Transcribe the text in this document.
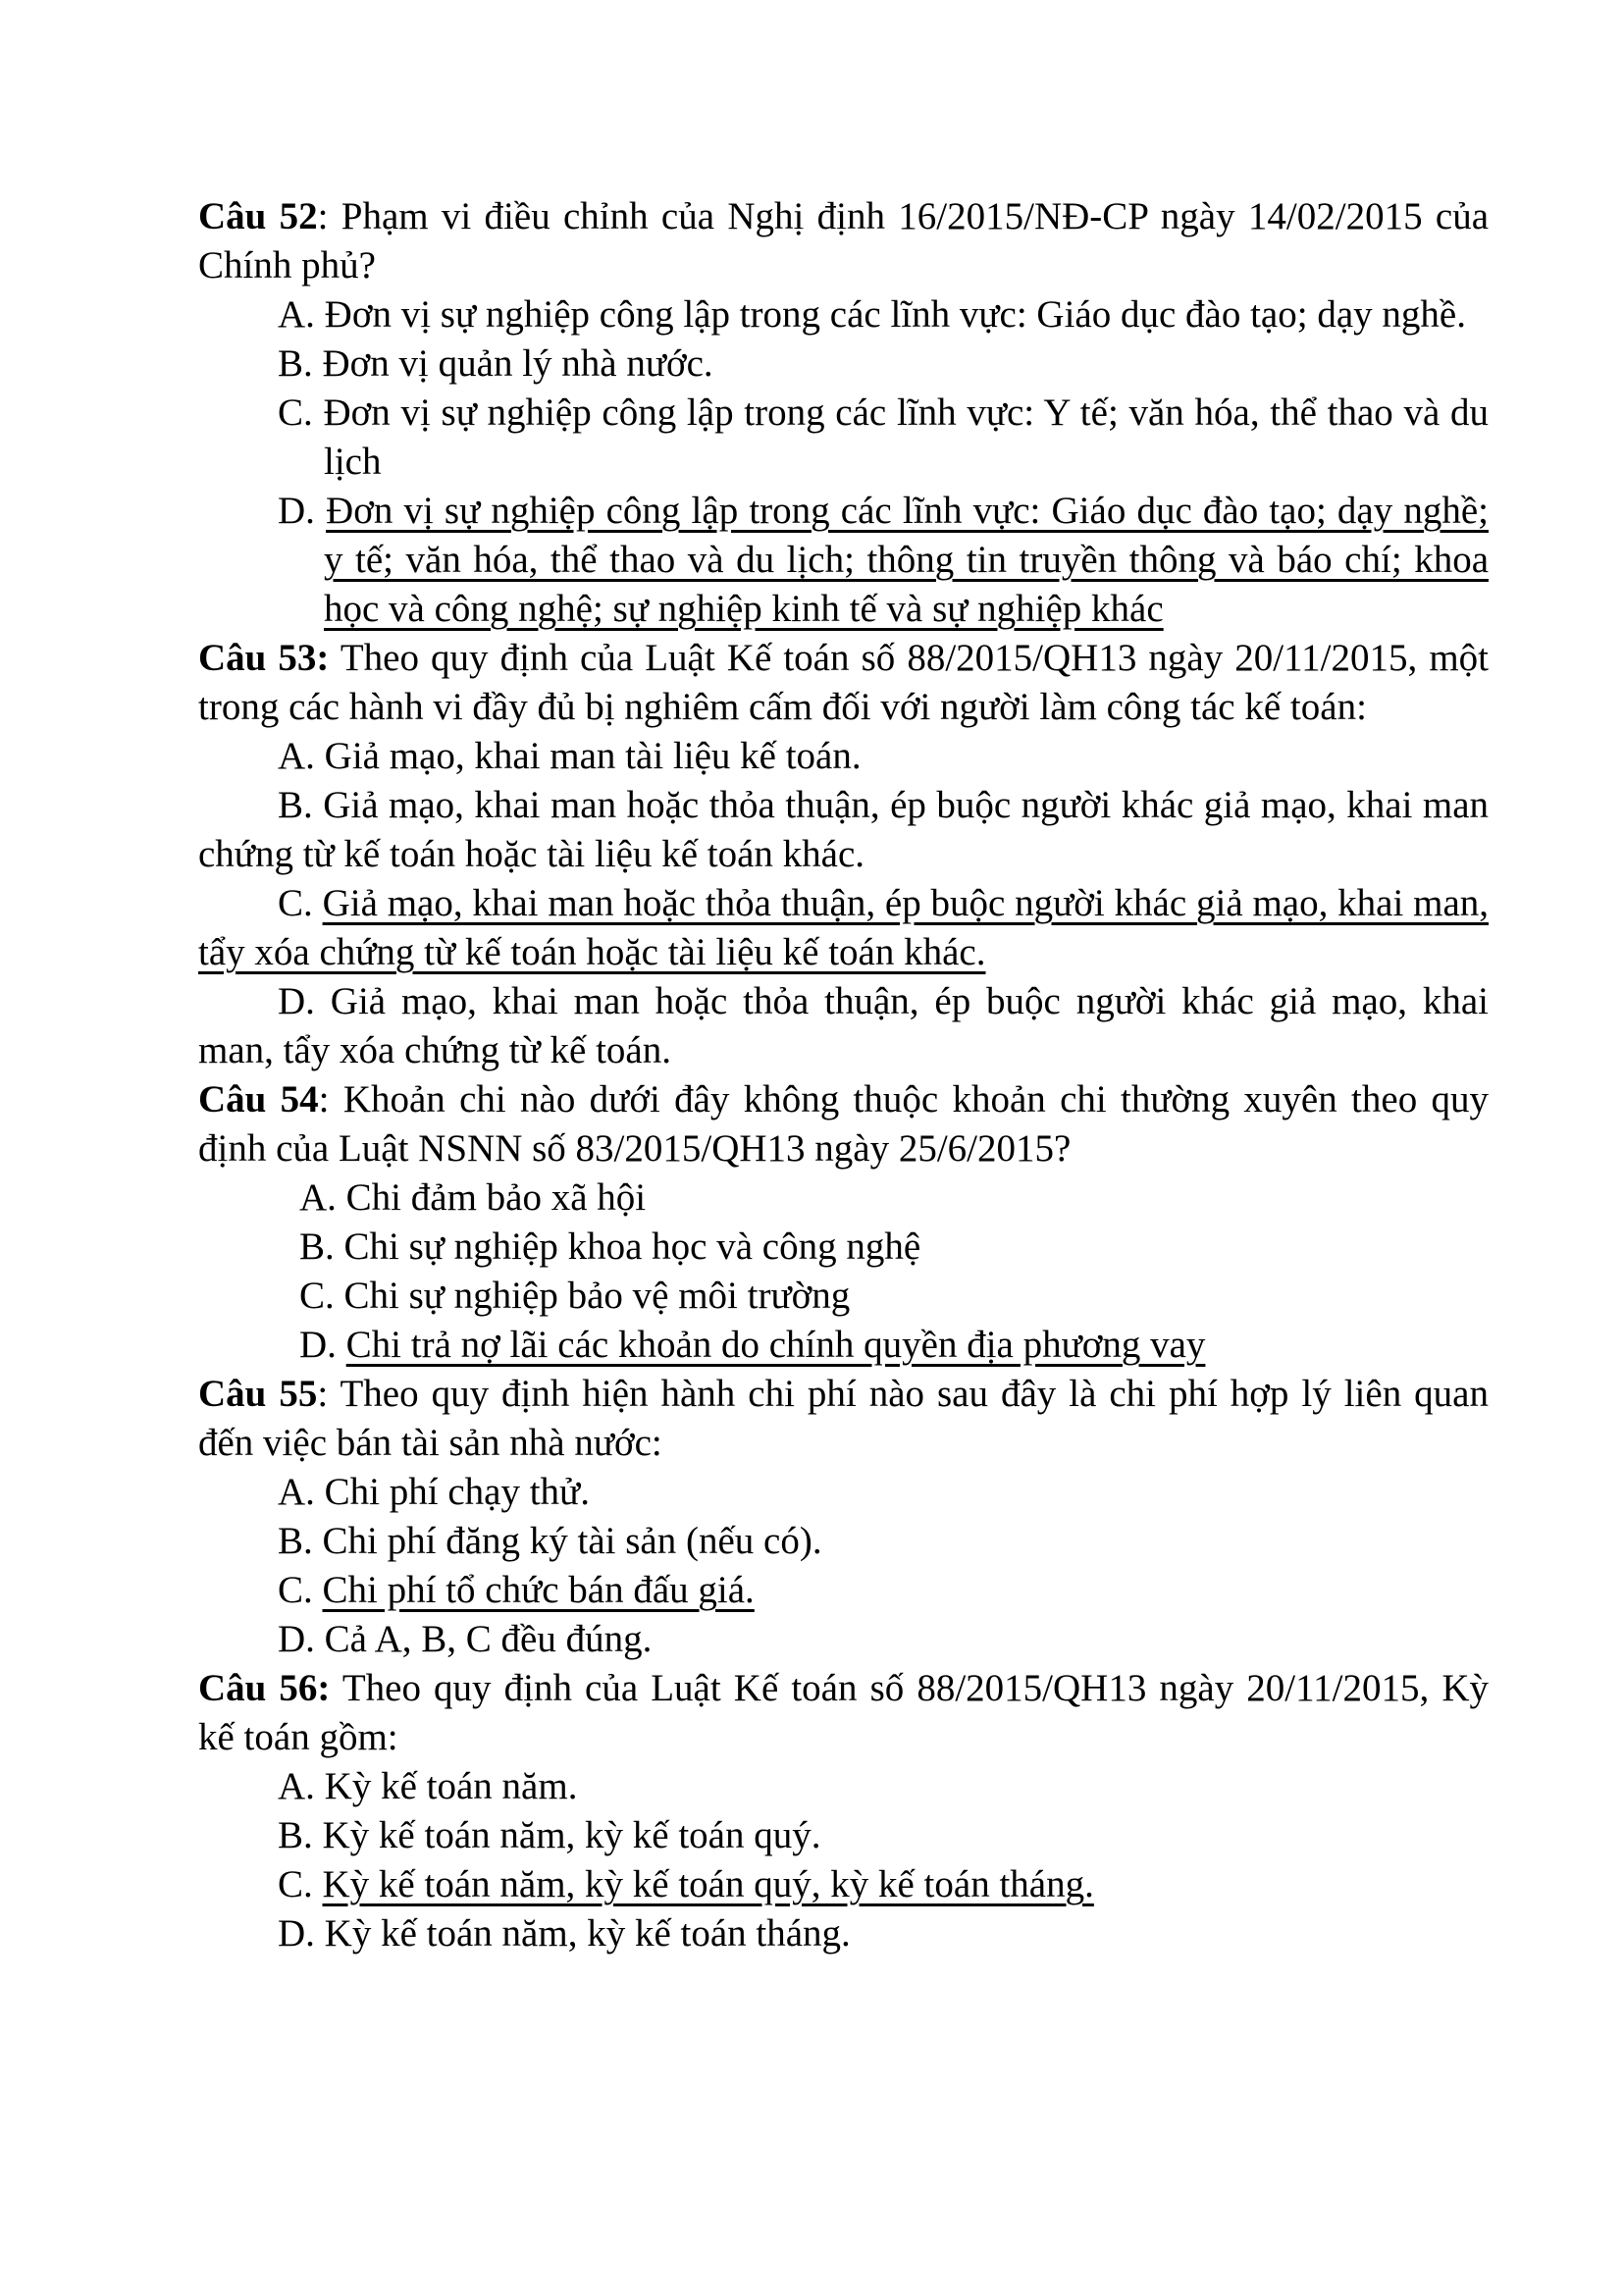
Câu 52: Phạm vi điều chỉnh của Nghị định 16/2015/NĐ-CP ngày 14/02/2015 của Chính phủ?

A. Đơn vị sự nghiệp công lập trong các lĩnh vực: Giáo dục đào tạo; dạy nghề.

B. Đơn vị quản lý nhà nước.

C. Đơn vị sự nghiệp công lập trong các lĩnh vực: Y tế; văn hóa, thể thao và du lịch

D. Đơn vị sự nghiệp công lập trong các lĩnh vực: Giáo dục đào tạo; dạy nghề; y tế; văn hóa, thể thao và du lịch; thông tin truyền thông và báo chí; khoa học và công nghệ; sự nghiệp kinh tế và sự nghiệp khác

Câu 53: Theo quy định của Luật Kế toán số 88/2015/QH13 ngày 20/11/2015, một trong các hành vi đầy đủ bị nghiêm cấm đối với người làm công tác kế toán:

A. Giả mạo, khai man tài liệu kế toán.

B. Giả mạo, khai man hoặc thỏa thuận, ép buộc người khác giả mạo, khai man chứng từ kế toán hoặc tài liệu kế toán khác.

C. Giả mạo, khai man hoặc thỏa thuận, ép buộc người khác giả mạo, khai man, tẩy xóa chứng từ kế toán hoặc tài liệu kế toán khác.

D. Giả mạo, khai man hoặc thỏa thuận, ép buộc người khác giả mạo, khai man, tẩy xóa chứng từ kế toán.

Câu 54: Khoản chi nào dưới đây không thuộc khoản chi thường xuyên theo quy định của Luật NSNN số 83/2015/QH13 ngày 25/6/2015?

A. Chi đảm bảo xã hội

B. Chi sự nghiệp khoa học và công nghệ

C. Chi sự nghiệp bảo vệ môi trường

D. Chi trả nợ lãi các khoản do chính quyền địa phương vay

Câu 55: Theo quy định hiện hành chi phí nào sau đây là chi phí hợp lý liên quan đến việc bán tài sản nhà nước:

A. Chi phí chạy thử.

B. Chi phí đăng ký tài sản (nếu có).

C. Chi phí tổ chức bán đấu giá.

D. Cả A, B, C đều đúng.

Câu 56: Theo quy định của Luật Kế toán số 88/2015/QH13 ngày 20/11/2015, Kỳ kế toán gồm:

A. Kỳ kế toán năm.

B. Kỳ kế toán năm, kỳ kế toán quý.

C. Kỳ kế toán năm, kỳ kế toán quý, kỳ kế toán tháng.

D. Kỳ kế toán năm, kỳ kế toán tháng.
